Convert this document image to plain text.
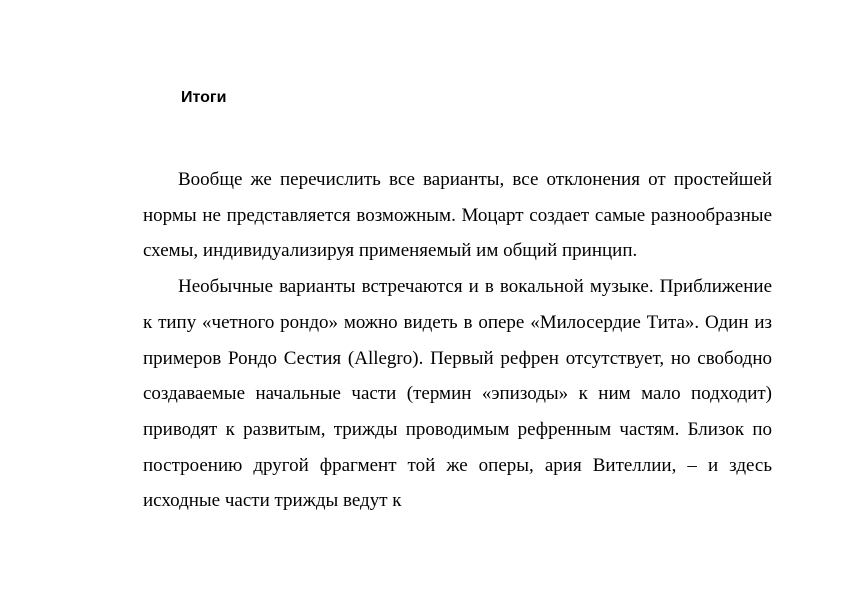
Итоги

Вообще же перечислить все варианты, все отклонения от простейшей нормы не представляется возможным. Моцарт создает самые разнообразные схемы, индивидуализируя применяемый им общий принцип.

Необычные варианты встречаются и в вокальной музыке. Приближение к типу «четного рондо» можно видеть в опере «Милосердие Тита». Один из примеров Рондо Сестия (Allegro). Первый рефрен отсутствует, но свободно создаваемые начальные части (термин «эпизоды» к ним мало подходит) приводят к развитым, трижды проводимым рефренным частям. Близок по построению другой фрагмент той же оперы, ария Вителлии, – и здесь исходные части трижды ведут к
